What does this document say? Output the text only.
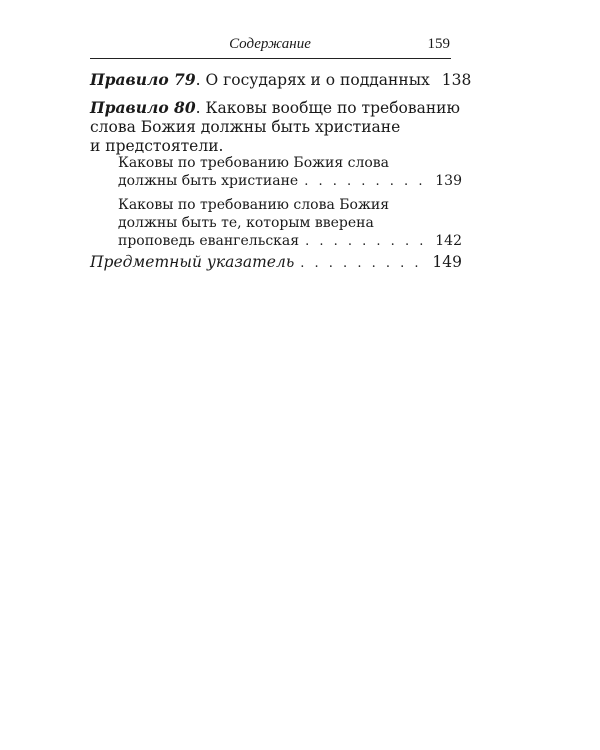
Содержание	159
Правило 79 . О государях и о подданных 138
Правило 80 . Каковы вообще по требованию
слова Божия должны быть христиане
и предстоятели.
Каковы по требованию Божия слова
должны быть христиане . . .	139
Каковы по требованию слова Божия
должны быть те, которым вверена
проповедь евангельская . . .	142
Предметный указатель . . .	149
